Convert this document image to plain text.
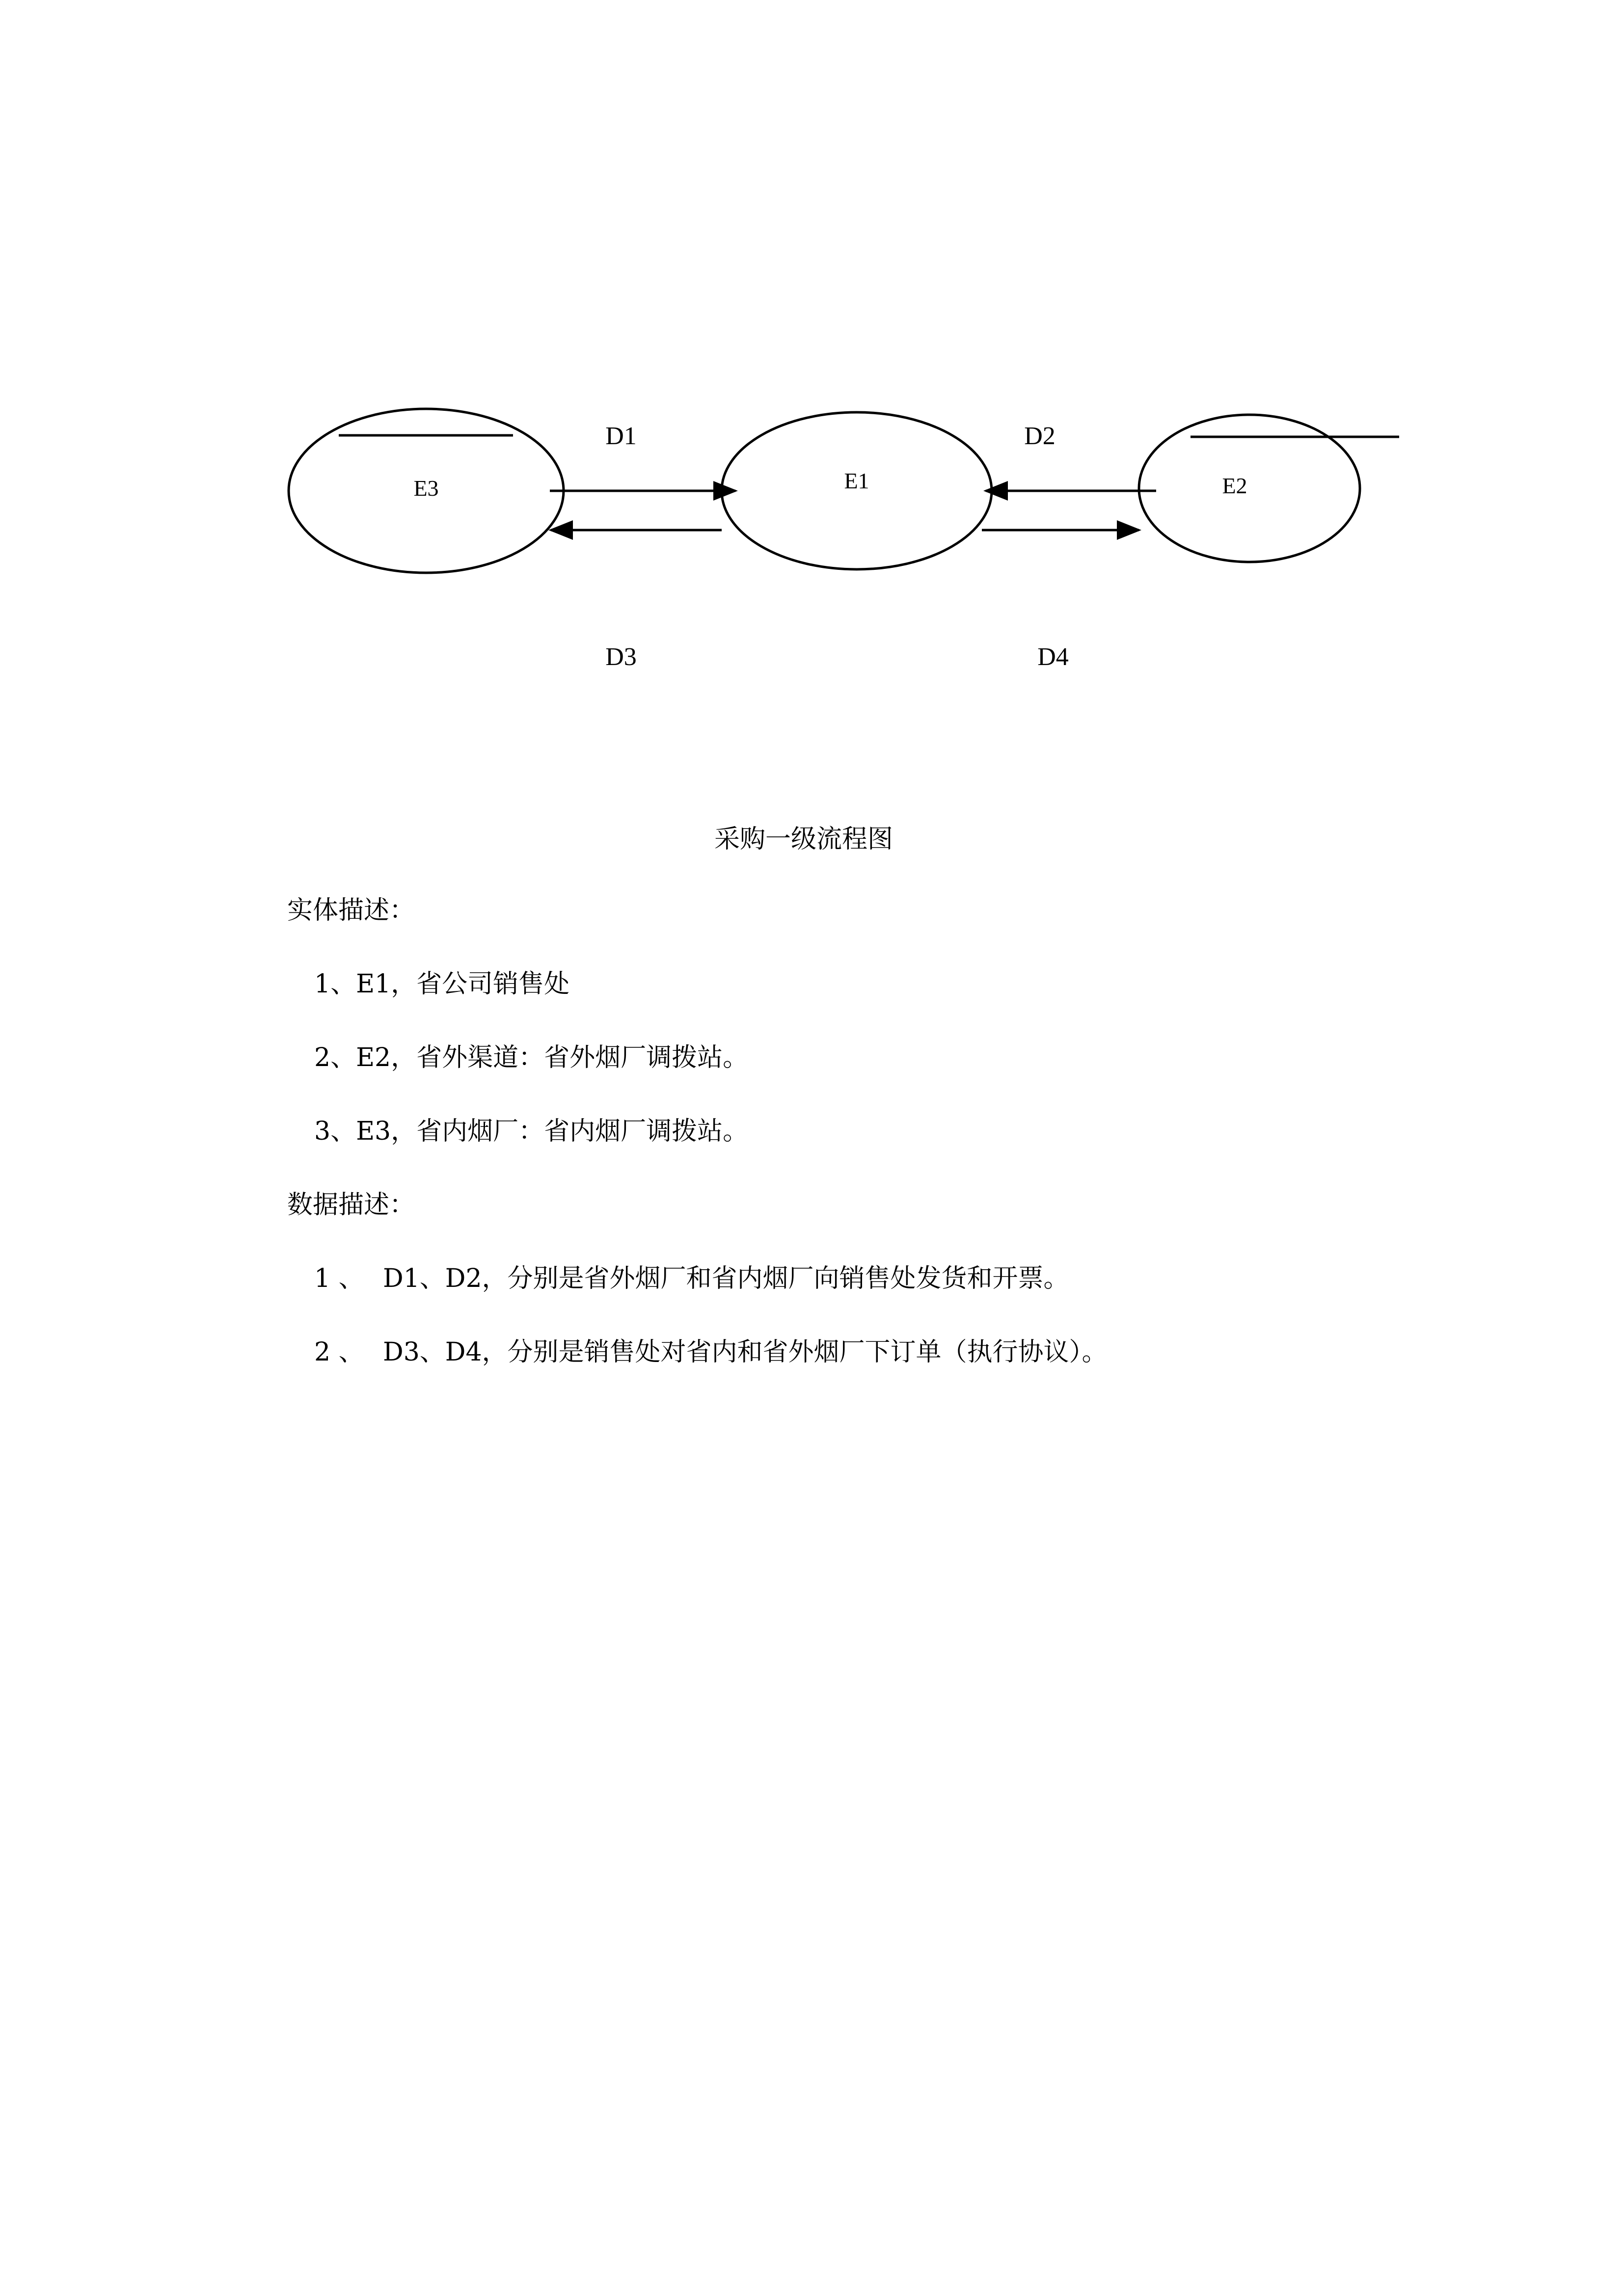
E3	E1	E2
D1
D3
D2
D4
采购一级流程图
实体描述：
1、E1，省公司销售处
2、E2，省外渠道：省外烟厂调拨站。
3、E3，省内烟厂：省内烟厂调拨站。
数据描述：
1 、 D1、D2，分别是省外烟厂和省内烟厂向销售处发货和开票。
2 、 D3、D4，分别是销售处对省内和省外烟厂下订单（执行协议）。
